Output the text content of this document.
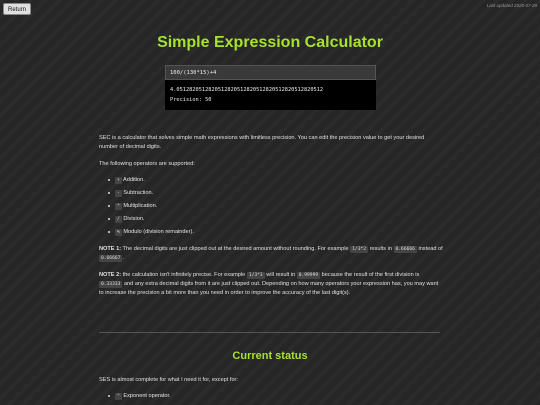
Return
Last updated 2020-07-28
Simple Expression Calculator
100/(130*15)+4
4.0512820512820512820512820512820512820512820512
Precision: 50

SEC is a calculator that solves simple math expressions with limitless precision. You can edit the precision value to get your desired number of decimal digits.

The following operators are supported:

+ Addition.
- Subtraction.
* Multiplication.
/ Division.
% Modulo (division remainder).

NOTE 1: The decimal digits are just clipped out at the desired amount without rounding. For example 1/3*2 results in 0.66666 instead of 0.66667 .

NOTE 2: the calculation isn't infinitely precise. For example 1/3*3 will result in 0.99999 because the result of the first division is 0.33333 and any extra decimal digits from it are just clipped out. Depending on how many operators your expression has, you may want to increase the precision a bit more than you need in order to improve the accuracy of the last digit(s).

Current status

SES is almost complete for what I need it for, except for:

^ Exponent operator.
